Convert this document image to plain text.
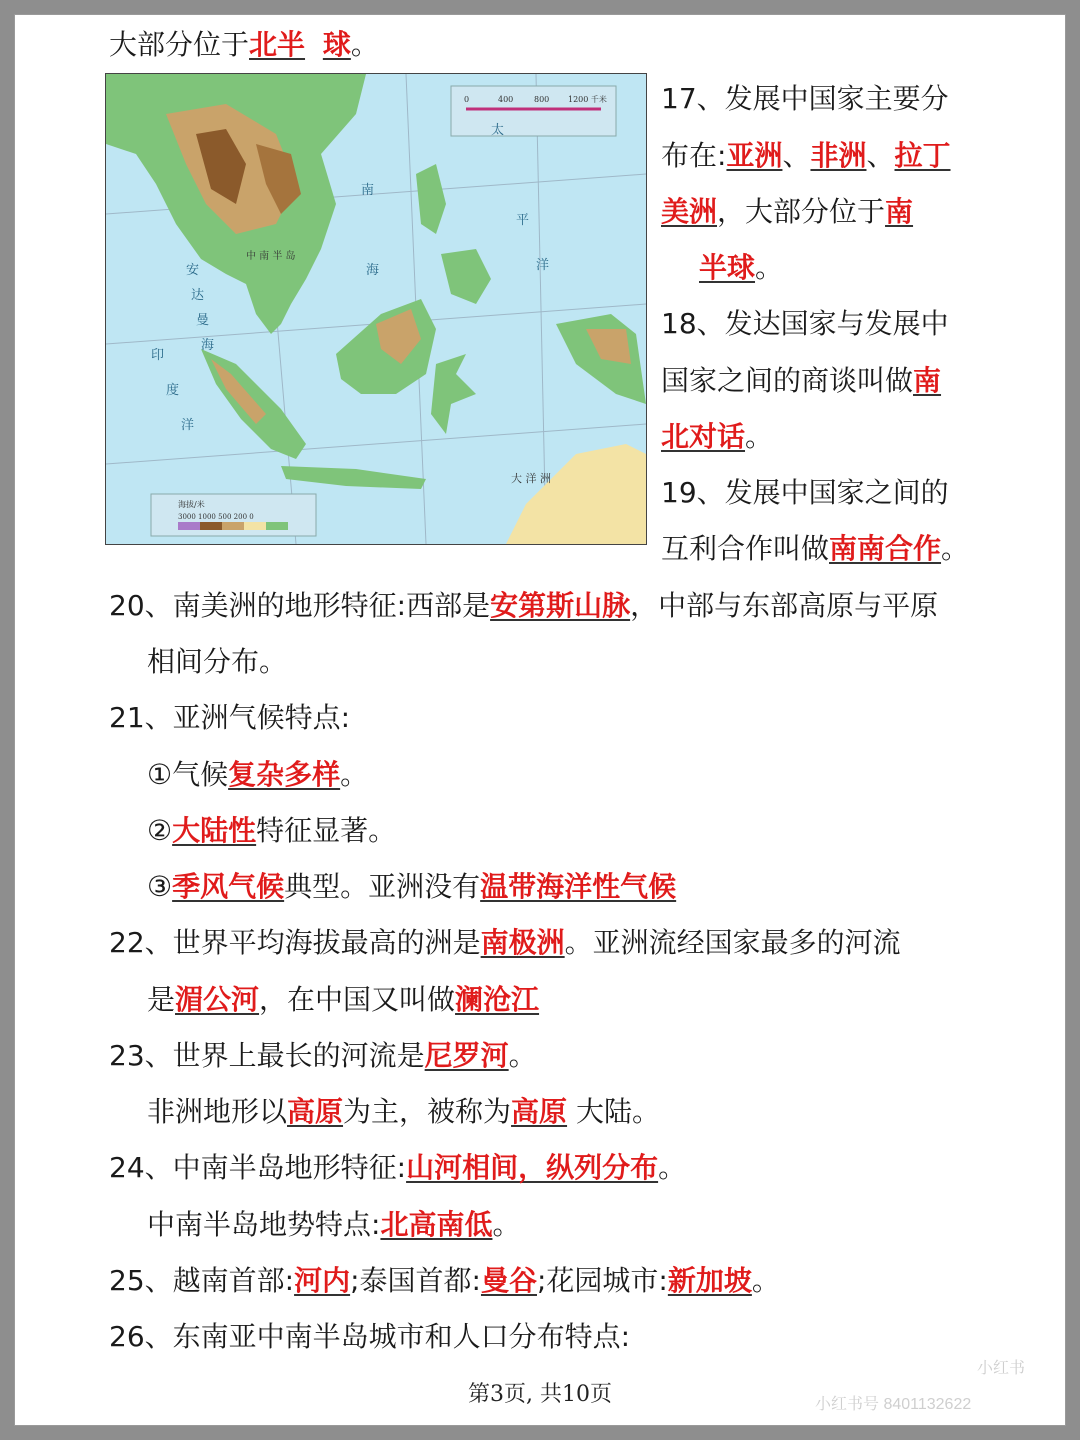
大部分位于北半 球。
0	400	800 1200 千米
海拔/米
3000 1000 500 200 0
南
海
太
平
洋
印
度
洋
安
达
曼
海
大 洋 洲
中 南 半 岛
17、发展中国家主要分
布在:亚洲、非洲、拉丁
美洲，大部分位于南
半球。
18、发达国家与发展中
国家之间的商谈叫做南
北对话。
19、发展中国家之间的
互利合作叫做南南合作。
20、南美洲的地形特征:西部是安第斯山脉，中部与东部高原与平原
相间分布。
21、亚洲气候特点:
①气候复杂多样。
②大陆性特征显著。
③季风气候典型。亚洲没有温带海洋性气候
22、世界平均海拔最高的洲是南极洲。亚洲流经国家最多的河流
是湄公河，在中国又叫做澜沧江
23、世界上最长的河流是尼罗河。
非洲地形以高原为主，被称为高原 大陆。
24、中南半岛地形特征:山河相间，纵列分布。
中南半岛地势特点:北高南低。
25、越南首部:河内;泰国首都:曼谷;花园城市:新加坡。
26、东南亚中南半岛城市和人口分布特点:
第3页, 共10页
小红书
小红书号 8401132622
